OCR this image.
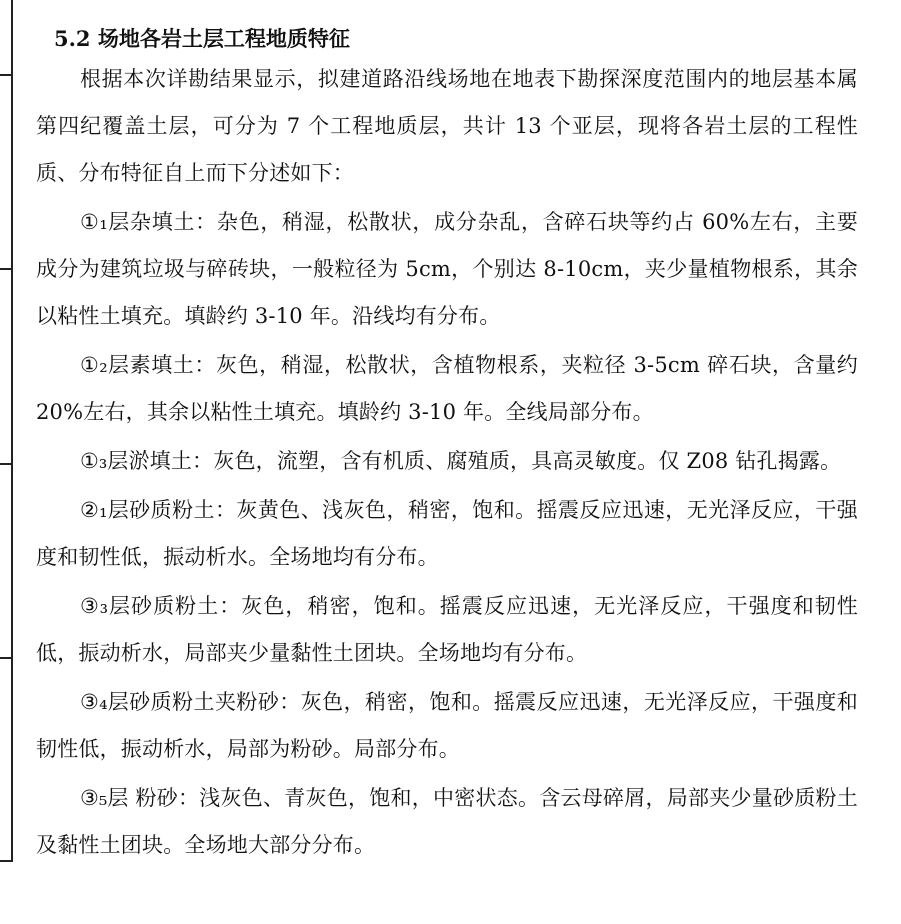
5.2 场地各岩土层工程地质特征

根据本次详勘结果显示，拟建道路沿线场地在地表下勘探深度范围内的地层基本属第四纪覆盖土层，可分为 7 个工程地质层，共计 13 个亚层，现将各岩土层的工程性质、分布特征自上而下分述如下：

①₁层杂填土：杂色，稍湿，松散状，成分杂乱，含碎石块等约占 60%左右，主要成分为建筑垃圾与碎砖块，一般粒径为 5cm，个别达 8-10cm，夹少量植物根系，其余以粘性土填充。填龄约 3-10 年。沿线均有分布。

①₂层素填土：灰色，稍湿，松散状，含植物根系，夹粒径 3-5cm 碎石块，含量约 20%左右，其余以粘性土填充。填龄约 3-10 年。全线局部分布。

①₃层淤填土：灰色，流塑，含有机质、腐殖质，具高灵敏度。仅 Z08 钻孔揭露。

②₁层砂质粉土：灰黄色、浅灰色，稍密，饱和。摇震反应迅速，无光泽反应，干强度和韧性低，振动析水。全场地均有分布。

③₃层砂质粉土：灰色，稍密，饱和。摇震反应迅速，无光泽反应，干强度和韧性低，振动析水，局部夹少量黏性土团块。全场地均有分布。

③₄层砂质粉土夹粉砂：灰色，稍密，饱和。摇震反应迅速，无光泽反应，干强度和韧性低，振动析水，局部为粉砂。局部分布。

③₅层 粉砂：浅灰色、青灰色，饱和，中密状态。含云母碎屑，局部夹少量砂质粉土及黏性土团块。全场地大部分分布。
